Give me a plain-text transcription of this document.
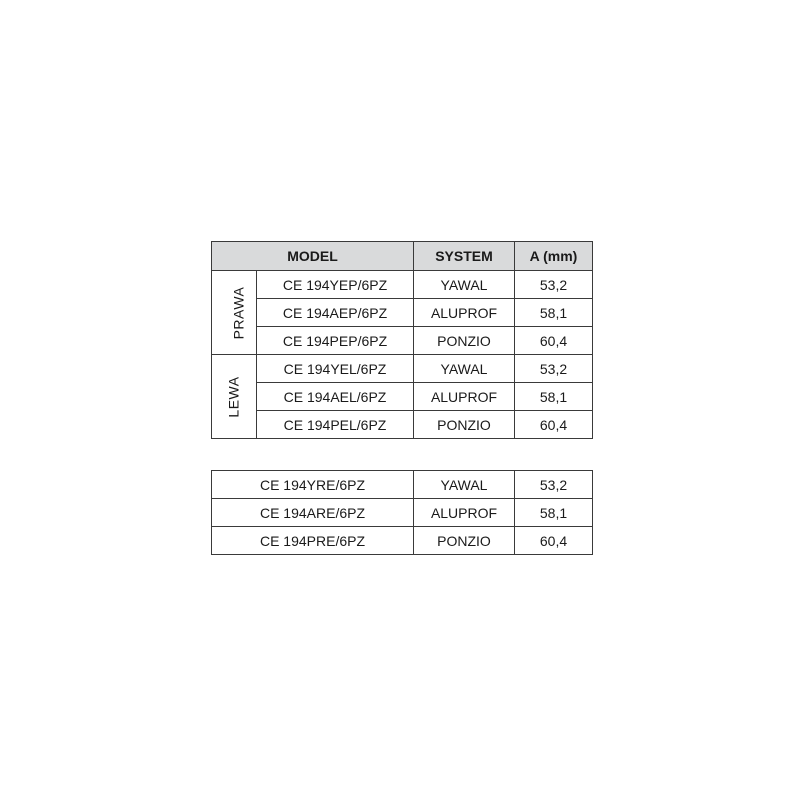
MODEL		SYSTEM	A (mm)
PRAWA	CE 194YEP/6PZ	YAWAL	53,2
	CE 194AEP/6PZ	ALUPROF	58,1
	CE 194PEP/6PZ	PONZIO	60,4
LEWA	CE 194YEL/6PZ	YAWAL	53,2
	CE 194AEL/6PZ	ALUPROF	58,1
	CE 194PEL/6PZ	PONZIO	60,4
CE 194YRE/6PZ	YAWAL	53,2
CE 194ARE/6PZ	ALUPROF	58,1
CE 194PRE/6PZ	PONZIO	60,4
